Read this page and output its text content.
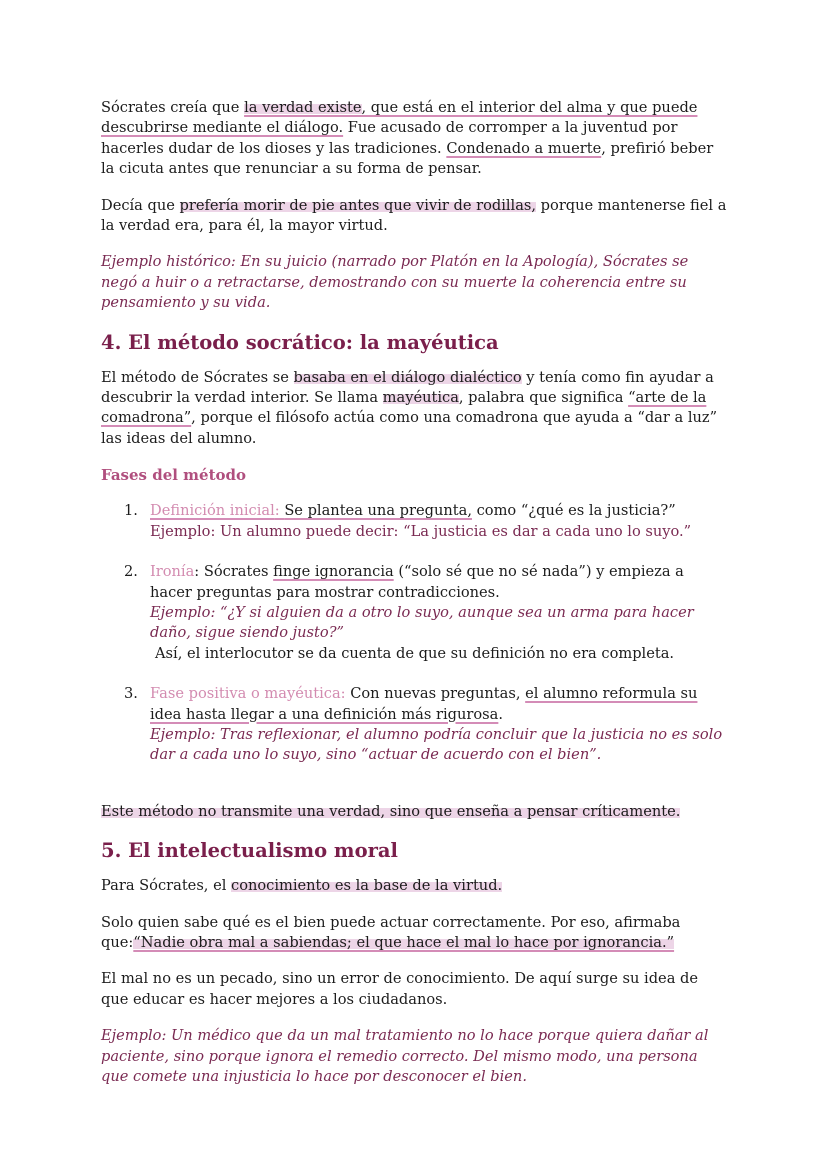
Sócrates creía que la verdad existe, que está en el interior del alma y que puede descubrirse mediante el diálogo. Fue acusado de corromper a la juventud por hacerles dudar de los dioses y las tradiciones. Condenado a muerte, prefirió beber la cicuta antes que renunciar a su forma de pensar.

Decía que prefería morir de pie antes que vivir de rodillas, porque mantenerse fiel a la verdad era, para él, la mayor virtud.

Ejemplo histórico: En su juicio (narrado por Platón en la Apología), Sócrates se negó a huir o a retractarse, demostrando con su muerte la coherencia entre su pensamiento y su vida.

4. El método socrático: la mayéutica

El método de Sócrates se basaba en el diálogo dialéctico y tenía como fin ayudar a descubrir la verdad interior. Se llama mayéutica, palabra que significa “arte de la comadrona”, porque el filósofo actúa como una comadrona que ayuda a “dar a luz” las ideas del alumno.

Fases del método
1. Definición inicial: Se plantea una pregunta, como “¿qué es la justicia?”
Ejemplo: Un alumno puede decir: “La justicia es dar a cada uno lo suyo.”
2. Ironía: Sócrates finge ignorancia (“solo sé que no sé nada”) y empieza a hacer preguntas para mostrar contradicciones.
Ejemplo: “¿Y si alguien da a otro lo suyo, aunque sea un arma para hacer daño, sigue siendo justo?”
Así, el interlocutor se da cuenta de que su definición no era completa.
3. Fase positiva o mayéutica: Con nuevas preguntas, el alumno reformula su idea hasta llegar a una definición más rigurosa.
Ejemplo: Tras reflexionar, el alumno podría concluir que la justicia no es solo dar a cada uno lo suyo, sino “actuar de acuerdo con el bien”.

Este método no transmite una verdad, sino que enseña a pensar críticamente.

5. El intelectualismo moral

Para Sócrates, el conocimiento es la base de la virtud.

Solo quien sabe qué es el bien puede actuar correctamente. Por eso, afirmaba que:“Nadie obra mal a sabiendas; el que hace el mal lo hace por ignorancia.”

El mal no es un pecado, sino un error de conocimiento. De aquí surge su idea de que educar es hacer mejores a los ciudadanos.

Ejemplo: Un médico que da un mal tratamiento no lo hace porque quiera dañar al paciente, sino porque ignora el remedio correcto. Del mismo modo, una persona que comete una injusticia lo hace por desconocer el bien.
